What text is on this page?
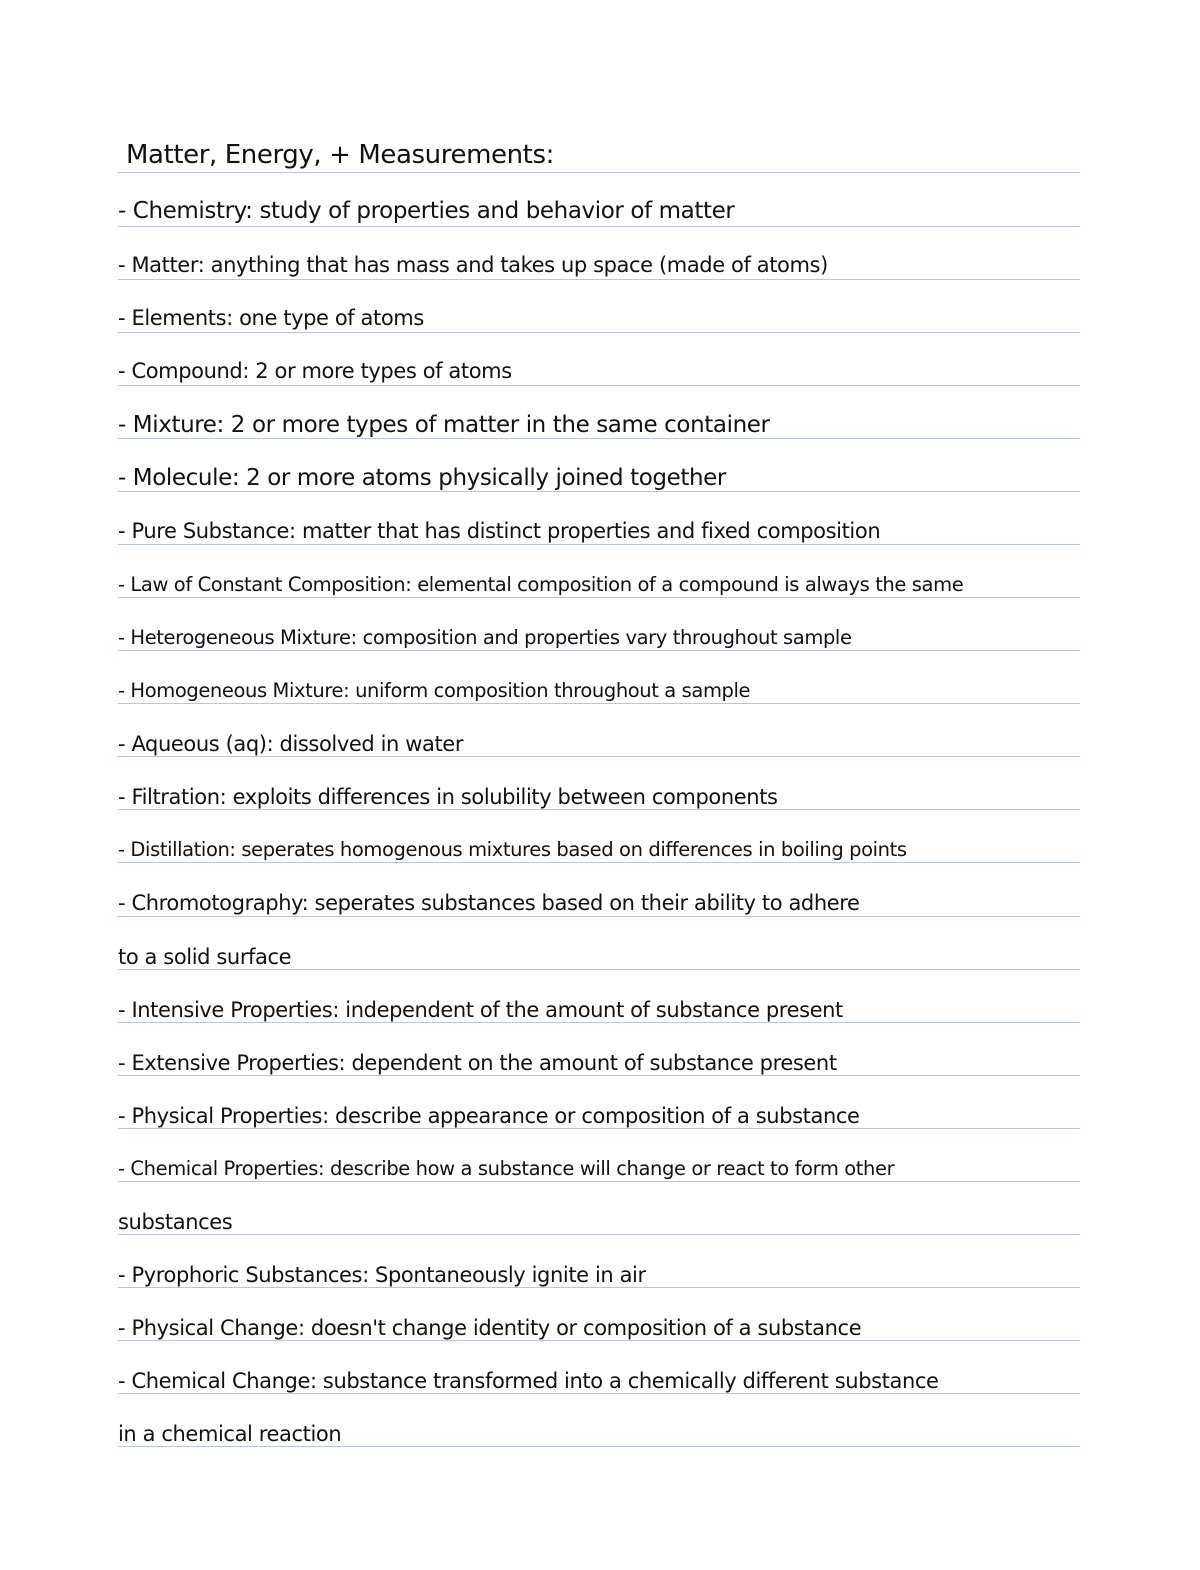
Matter, Energy, + Measurements:
- Chemistry: study of properties and behavior of matter
- Matter: anything that has mass and takes up space (made of atoms)
- Elements: one type of atoms
- Compound: 2 or more types of atoms
- Mixture: 2 or more types of matter in the same container
- Molecule: 2 or more atoms physically joined together
- Pure Substance: matter that has distinct properties and fixed composition
- Law of Constant Composition: elemental composition of a compound is always the same
- Heterogeneous Mixture: composition and properties vary throughout sample
- Homogeneous Mixture: uniform composition throughout a sample
- Aqueous (aq): dissolved in water
- Filtration: exploits differences in solubility between components
- Distillation: seperates homogenous mixtures based on differences in boiling points
- Chromotography: seperates substances based on their ability to adhere
to a solid surface
- Intensive Properties: independent of the amount of substance present
- Extensive Properties: dependent on the amount of substance present
- Physical Properties: describe appearance or composition of a substance
- Chemical Properties: describe how a substance will change or react to form other
substances
- Pyrophoric Substances: Spontaneously ignite in air
- Physical Change: doesn't change identity or composition of a substance
- Chemical Change: substance transformed into a chemically different substance
in a chemical reaction
